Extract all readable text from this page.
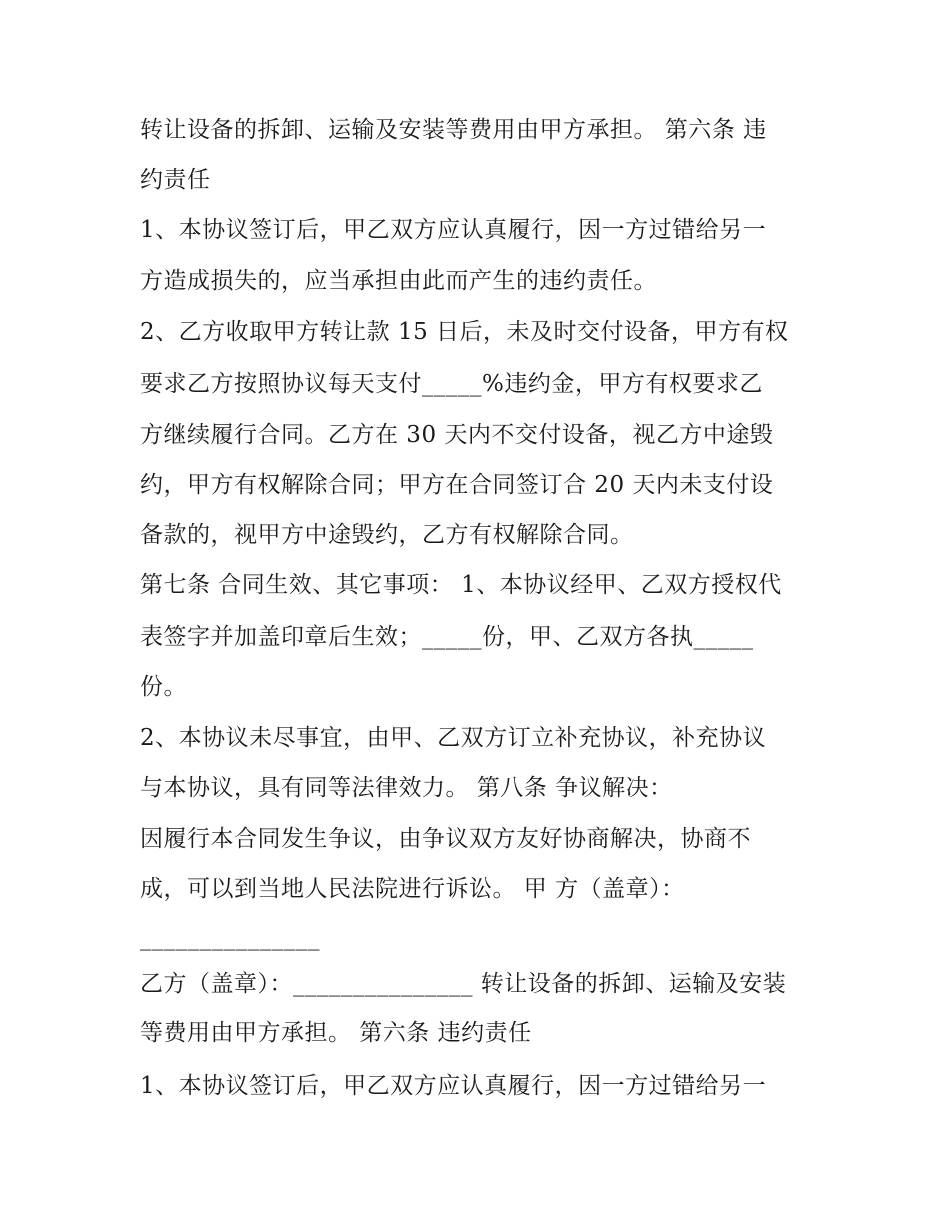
转让设备的拆卸、运输及安装等费用由甲方承担。 第六条 违
约责任
1、本协议签订后，甲乙双方应认真履行，因一方过错给另一
方造成损失的，应当承担由此而产生的违约责任。
2、乙方收取甲方转让款 15 日后，未及时交付设备，甲方有权
要求乙方按照协议每天支付_____%违约金，甲方有权要求乙
方继续履行合同。乙方在 30 天内不交付设备，视乙方中途毁
约，甲方有权解除合同；甲方在合同签订合 20 天内未支付设
备款的，视甲方中途毁约，乙方有权解除合同。
第七条 合同生效、其它事项： 1、本协议经甲、乙双方授权代
表签字并加盖印章后生效；_____份，甲、乙双方各执_____
份。
2、本协议未尽事宜，由甲、乙双方订立补充协议，补充协议
与本协议，具有同等法律效力。 第八条 争议解决：
因履行本合同发生争议，由争议双方友好协商解决，协商不
成，可以到当地人民法院进行诉讼。 甲 方（盖章）：
_______________
乙方（盖章）：_______________ 转让设备的拆卸、运输及安装
等费用由甲方承担。 第六条 违约责任
1、本协议签订后，甲乙双方应认真履行，因一方过错给另一
